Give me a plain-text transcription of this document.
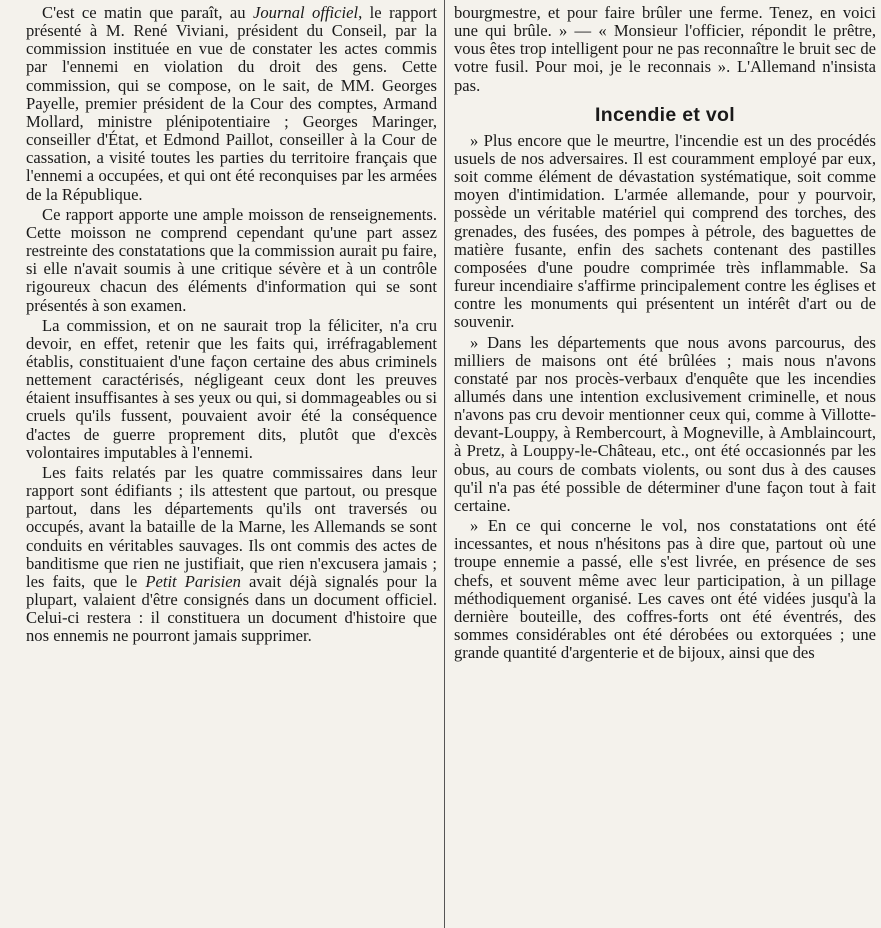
C'est ce matin que paraît, au Journal officiel, le rapport présenté à M. René Viviani, président du Conseil, par la commission instituée en vue de constater les actes commis par l'ennemi en violation du droit des gens. Cette commission, qui se compose, on le sait, de MM. Georges Payelle, premier président de la Cour des comptes, Armand Mollard, ministre plénipotentiaire ; Georges Maringer, conseiller d'État, et Edmond Paillot, conseiller à la Cour de cassation, a visité toutes les parties du territoire français que l'ennemi a occupées, et qui ont été reconquises par les armées de la République.

Ce rapport apporte une ample moisson de renseignements. Cette moisson ne comprend cependant qu'une part assez restreinte des constatations que la commission aurait pu faire, si elle n'avait soumis à une critique sévère et à un contrôle rigoureux chacun des éléments d'information qui se sont présentés à son examen.

La commission, et on ne saurait trop la féliciter, n'a cru devoir, en effet, retenir que les faits qui, irréfragablement établis, constituaient d'une façon certaine des abus criminels nettement caractérisés, négligeant ceux dont les preuves étaient insuffisantes à ses yeux ou qui, si dommageables ou si cruels qu'ils fussent, pouvaient avoir été la conséquence d'actes de guerre proprement dits, plutôt que d'excès volontaires imputables à l'ennemi.

Les faits relatés par les quatre commissaires dans leur rapport sont édifiants ; ils attestent que partout, ou presque partout, dans les départements qu'ils ont traversés ou occupés, avant la bataille de la Marne, les Allemands se sont conduits en véritables sauvages. Ils ont commis des actes de banditisme que rien ne justifiait, que rien n'excusera jamais ; les faits, que le Petit Parisien avait déjà signalés pour la plupart, valaient d'être consignés dans un document officiel. Celui-ci restera : il constituera un document d'histoire que nos ennemis ne pourront jamais supprimer.

bourgmestre, et pour faire brûler une ferme. Tenez, en voici une qui brûle. » — « Monsieur l'officier, répondit le prêtre, vous êtes trop intelligent pour ne pas reconnaître le bruit sec de votre fusil. Pour moi, je le reconnais ». L'Allemand n'insista pas.

Incendie et vol

» Plus encore que le meurtre, l'incendie est un des procédés usuels de nos adversaires. Il est couramment employé par eux, soit comme élément de dévastation systématique, soit comme moyen d'intimidation. L'armée allemande, pour y pourvoir, possède un véritable matériel qui comprend des torches, des grenades, des fusées, des pompes à pétrole, des baguettes de matière fusante, enfin des sachets contenant des pastilles composées d'une poudre comprimée très inflammable. Sa fureur incendiaire s'affirme principalement contre les églises et contre les monuments qui présentent un intérêt d'art ou de souvenir.

» Dans les départements que nous avons parcourus, des milliers de maisons ont été brûlées ; mais nous n'avons constaté par nos procès-verbaux d'enquête que les incendies allumés dans une intention exclusivement criminelle, et nous n'avons pas cru devoir mentionner ceux qui, comme à Villotte-devant-Louppy, à Rembercourt, à Mogneville, à Amblaincourt, à Pretz, à Louppy-le-Château, etc., ont été occasionnés par les obus, au cours de combats violents, ou sont dus à des causes qu'il n'a pas été possible de déterminer d'une façon tout à fait certaine.

» En ce qui concerne le vol, nos constatations ont été incessantes, et nous n'hésitons pas à dire que, partout où une troupe ennemie a passé, elle s'est livrée, en présence de ses chefs, et souvent même avec leur participation, à un pillage méthodiquement organisé. Les caves ont été vidées jusqu'à la dernière bouteille, des coffres-forts ont été éventrés, des sommes considérables ont été dérobées ou extorquées ; une grande quantité d'argenterie et de bijoux, ainsi que des
